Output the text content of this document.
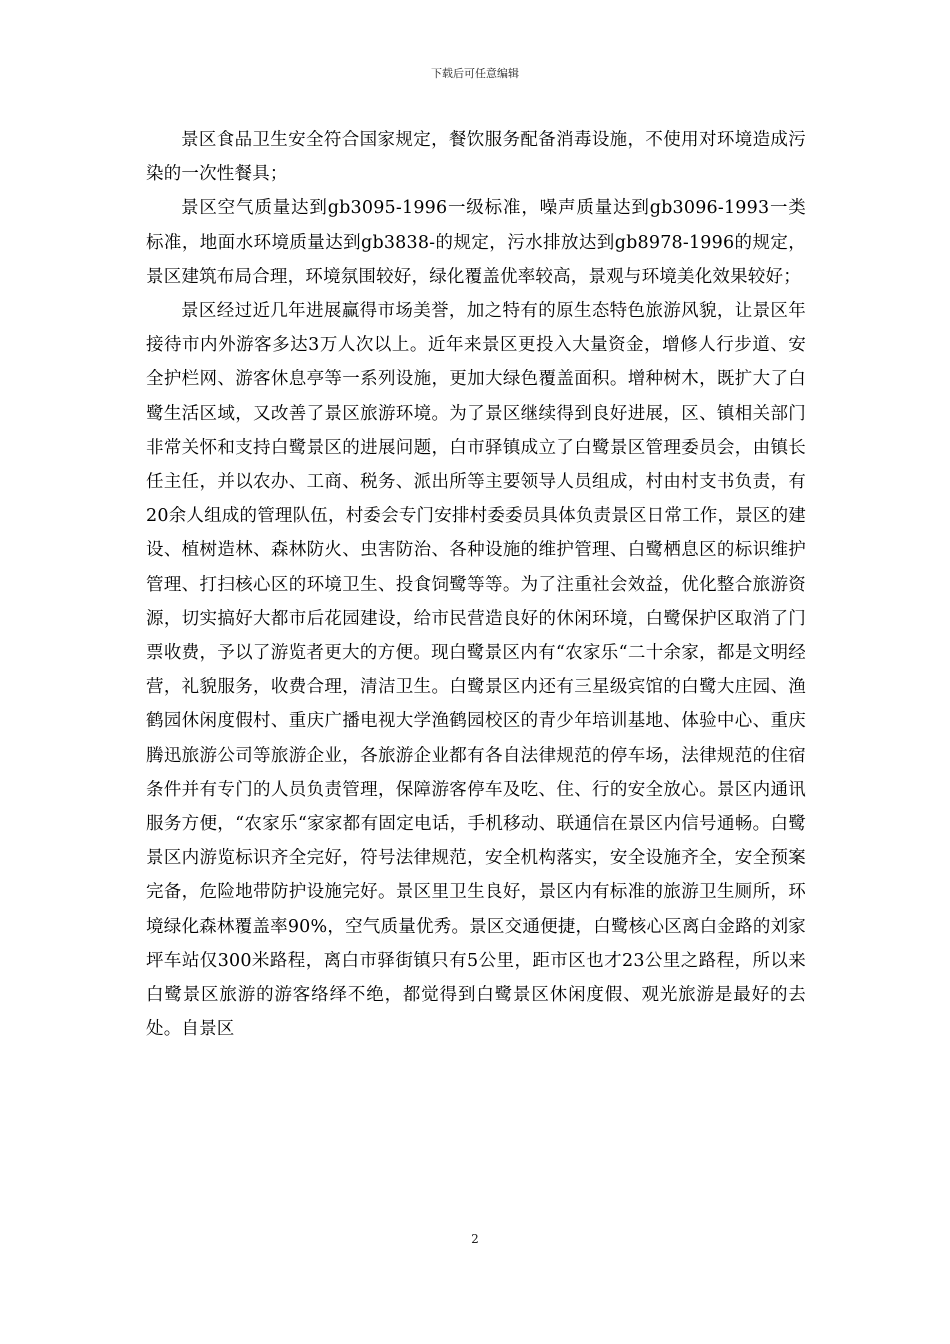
下载后可任意编辑

景区食品卫生安全符合国家规定，餐饮服务配备消毒设施，不使用对环境造成污染的一次性餐具；

景区空气质量达到gb3095-1996一级标准，噪声质量达到gb3096-1993一类标准，地面水环境质量达到gb3838-的规定，污水排放达到gb8978-1996的规定，景区建筑布局合理，环境氛围较好，绿化覆盖优率较高，景观与环境美化效果较好；

景区经过近几年进展赢得市场美誉，加之特有的原生态特色旅游风貌，让景区年接待市内外游客多达3万人次以上。近年来景区更投入大量资金，增修人行步道、安全护栏网、游客休息亭等一系列设施，更加大绿色覆盖面积。增种树木，既扩大了白鹭生活区域，又改善了景区旅游环境。为了景区继续得到良好进展，区、镇相关部门非常关怀和支持白鹭景区的进展问题，白市驿镇成立了白鹭景区管理委员会，由镇长任主任，并以农办、工商、税务、派出所等主要领导人员组成，村由村支书负责，有20余人组成的管理队伍，村委会专门安排村委委员具体负责景区日常工作，景区的建设、植树造林、森林防火、虫害防治、各种设施的维护管理、白鹭栖息区的标识维护管理、打扫核心区的环境卫生、投食饲鹭等等。为了注重社会效益，优化整合旅游资源，切实搞好大都市后花园建设，给市民营造良好的休闲环境，白鹭保护区取消了门票收费，予以了游览者更大的方便。现白鹭景区内有“农家乐“二十余家，都是文明经营，礼貌服务，收费合理，清洁卫生。白鹭景区内还有三星级宾馆的白鹭大庄园、渔鹤园休闲度假村、重庆广播电视大学渔鹤园校区的青少年培训基地、体验中心、重庆腾迅旅游公司等旅游企业，各旅游企业都有各自法律规范的停车场，法律规范的住宿条件并有专门的人员负责管理，保障游客停车及吃、住、行的安全放心。景区内通讯服务方便，“农家乐“家家都有固定电话，手机移动、联通信在景区内信号通畅。白鹭景区内游览标识齐全完好，符号法律规范，安全机构落实，安全设施齐全，安全预案完备，危险地带防护设施完好。景区里卫生良好，景区内有标准的旅游卫生厕所，环境绿化森林覆盖率90%，空气质量优秀。景区交通便捷，白鹭核心区离白金路的刘家坪车站仅300米路程，离白市驿街镇只有5公里，距市区也才23公里之路程，所以来白鹭景区旅游的游客络绎不绝，都觉得到白鹭景区休闲度假、观光旅游是最好的去处。自景区

2
